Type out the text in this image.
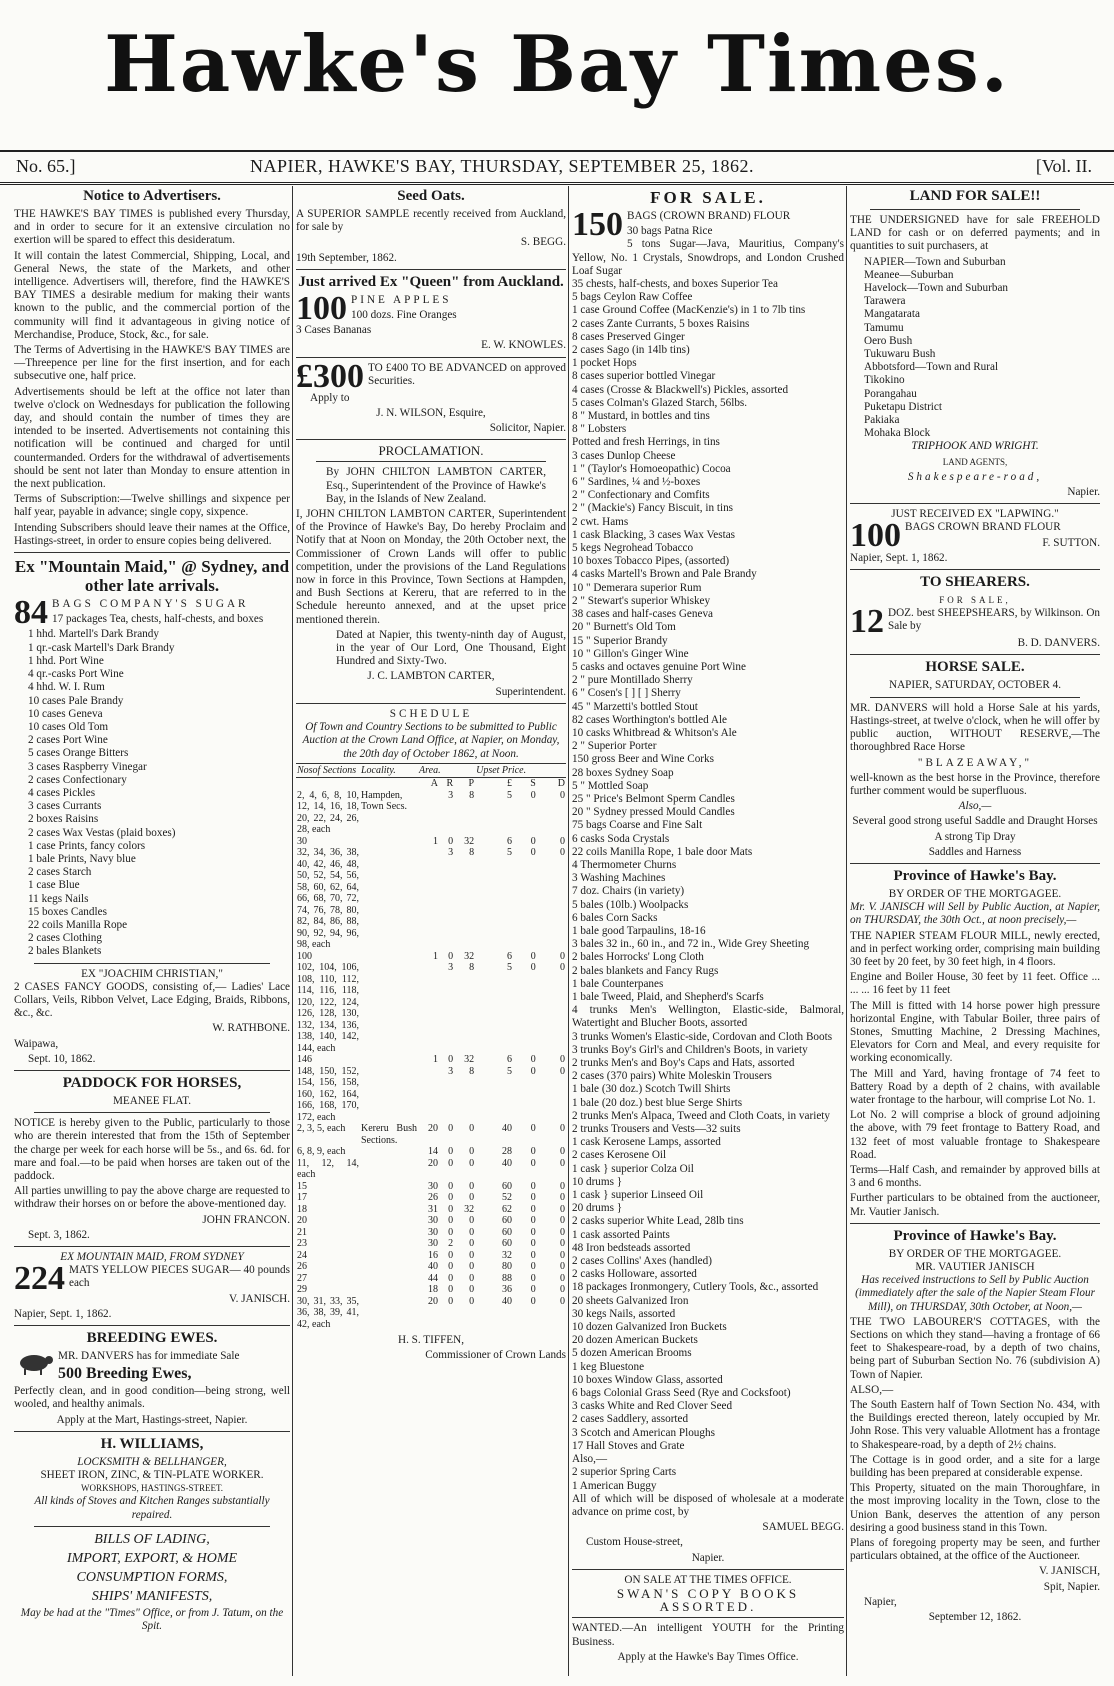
Hawke's Bay Times.
No. 65.]	NAPIER, HAWKE'S BAY, THURSDAY, SEPTEMBER 25, 1862.	[Vol. II.
Notice to Advertisers.

THE HAWKE'S BAY TIMES is published every Thursday, and in order to secure for it an extensive circulation no exertion will be spared to effect this desideratum.

It will contain the latest Commercial, Shipping, Local, and General News, the state of the Markets, and other intelligence. Advertisers will, therefore, find the HAWKE'S BAY TIMES a desirable medium for making their wants known to the public, and the commercial portion of the community will find it advantageous in giving notice of Merchandise, Produce, Stock, &c., for sale.

The Terms of Advertising in the HAWKE'S BAY TIMES are—Threepence per line for the first insertion, and for each subsecutive one, half price.

Advertisements should be left at the office not later than twelve o'clock on Wednesdays for publication the following day, and should contain the number of times they are intended to be inserted. Advertisements not containing this notification will be continued and charged for until countermanded. Orders for the withdrawal of advertisements should be sent not later than Monday to ensure attention in the next publication.

Terms of Subscription:—Twelve shillings and sixpence per half year, payable in advance; single copy, sixpence.

Intending Subscribers should leave their names at the Office, Hastings-street, in order to ensure copies being delivered.

Ex "Mountain Maid," @ Sydney, and other late arrivals.
84 BAGS COMPANY'S SUGAR

17 packages Tea, chests, half-chests, and boxes

1 hhd. Martell's Dark Brandy

1 qr.-cask Martell's Dark Brandy

1 hhd. Port Wine

4 qr.-casks Port Wine

4 hhd. W. I. Rum

10 cases Pale Brandy

10 cases Geneva

10 cases Old Tom

2 cases Port Wine

5 cases Orange Bitters

3 cases Raspberry Vinegar

2 cases Confectionary

4 cases Pickles

3 cases Currants

2 boxes Raisins

2 cases Wax Vestas (plaid boxes)

1 case Prints, fancy colors

1 bale Prints, Navy blue

2 cases Starch

1 case Blue

11 kegs Nails

15 boxes Candles

22 coils Manilla Rope

2 cases Clothing

2 bales Blankets

EX "JOACHIM CHRISTIAN,"

2 CASES FANCY GOODS, consisting of,— Ladies' Lace Collars, Veils, Ribbon Velvet, Lace Edging, Braids, Ribbons, &c., &c.

W. RATHBONE.

Waipawa,

Sept. 10, 1862.

PADDOCK FOR HORSES,
MEANEE FLAT.

NOTICE is hereby given to the Public, particularly to those who are therein interested that from the 15th of September the charge per week for each horse will be 5s., and 6s. 6d. for mare and foal.—to be paid when horses are taken out of the paddock.

All parties unwilling to pay the above charge are requested to withdraw their horses on or before the above-mentioned day.

JOHN FRANCON.

Sept. 3, 1862.

EX MOUNTAIN MAID, FROM SYDNEY
224 MATS YELLOW PIECES SUGAR— 40 pounds each

V. JANISCH.

Napier, Sept. 1, 1862.

BREEDING EWES.

MR. DANVERS has for immediate Sale

500 Breeding Ewes,

Perfectly clean, and in good condition—being strong, well wooled, and healthy animals.

Apply at the Mart, Hastings-street, Napier.

H. WILLIAMS,
LOCKSMITH & BELLHANGER,
SHEET IRON, ZINC, & TIN-PLATE WORKER.
WORKSHOPS, HASTINGS-STREET.

All kinds of Stoves and Kitchen Ranges substantially repaired.

BILLS OF LADING,

IMPORT, EXPORT, & HOME

CONSUMPTION FORMS,

SHIPS' MANIFESTS,

May be had at the "Times" Office, or from J. Tatum, on the Spit.

Seed Oats.

A SUPERIOR SAMPLE recently received from Auckland, for sale by

S. BEGG.

19th September, 1862.

Just arrived Ex "Queen" from Auckland.
100 PINE APPLES

100 dozs. Fine Oranges

3 Cases Bananas

E. W. KNOWLES.

£300 TO £400 TO BE ADVANCED on approved Securities.

Apply to

J. N. WILSON, Esquire,

Solicitor, Napier.

PROCLAMATION.

By JOHN CHILTON LAMBTON CARTER, Esq., Superintendent of the Province of Hawke's Bay, in the Islands of New Zealand.

I, JOHN CHILTON LAMBTON CARTER, Superintendent of the Province of Hawke's Bay, Do hereby Proclaim and Notify that at Noon on Monday, the 20th October next, the Commissioner of Crown Lands will offer to public competition, under the provisions of the Land Regulations now in force in this Province, Town Sections at Hampden, and Bush Sections at Kereru, that are referred to in the Schedule hereunto annexed, and at the upset price mentioned therein.

Dated at Napier, this twenty-ninth day of August, in the year of Our Lord, One Thousand, Eight Hundred and Sixty-Two.

J. C. LAMBTON CARTER,

Superintendent.

SCHEDULE

Of Town and Country Sections to be submitted to Public Auction at the Crown Land Office, at Napier, on Monday, the 20th day of October 1862, at Noon.

Nosof Sections	Locality.	Area.			Upset Price.		
		A	R	P	£	S	D
2, 4, 6, 8, 10, 12, 14, 16, 18, 20, 22, 24, 26, 28, each	Hampden, Town Secs.		3	8	5	0	0
30		1	0	32	6	0	0
32, 34, 36, 38, 40, 42, 46, 48, 50, 52, 54, 56, 58, 60, 62, 64, 66, 68, 70, 72, 74, 76, 78, 80, 82, 84, 86, 88, 90, 92, 94, 96, 98, each			3	8	5	0	0
100		1	0	32	6	0	0
102, 104, 106, 108, 110, 112, 114, 116, 118, 120, 122, 124, 126, 128, 130, 132, 134, 136, 138, 140, 142, 144, each			3	8	5	0	0
146		1	0	32	6	0	0
148, 150, 152, 154, 156, 158, 160, 162, 164, 166, 168, 170, 172, each			3	8	5	0	0
2, 3, 5, each	Kereru Bush Sections.	20	0	0	40	0	0
6, 8, 9, each		14	0	0	28	0	0
11, 12, 14, each		20	0	0	40	0	0
15		30	0	0	60	0	0
17		26	0	0	52	0	0
18		31	0	32	62	0	0
20		30	0	0	60	0	0
21		30	0	0	60	0	0
23		30	2	0	60	0	0
24		16	0	0	32	0	0
26		40	0	0	80	0	0
27		44	0	0	88	0	0
29		18	0	0	36	0	0
30, 31, 33, 35, 36, 38, 39, 41, 42, each		20	0	0	40	0	0

H. S. TIFFEN,

Commissioner of Crown Lands

FOR SALE.
150 BAGS (CROWN BRAND) FLOUR

30 bags Patna Rice

5 tons Sugar—Java, Mauritius, Company's Yellow, No. 1 Crystals, Snowdrops, and London Crushed Loaf Sugar

35 chests, half-chests, and boxes Superior Tea

5 bags Ceylon Raw Coffee

1 case Ground Coffee (MacKenzie's) in 1 to 7lb tins

2 cases Zante Currants, 5 boxes Raisins

8 cases Preserved Ginger

2 cases Sago (in 14lb tins)

1 pocket Hops

8 cases superior bottled Vinegar

4 cases (Crosse & Blackwell's) Pickles, assorted

5 cases Colman's Glazed Starch, 56lbs.

8 " Mustard, in bottles and tins

8 " Lobsters

Potted and fresh Herrings, in tins

3 cases Dunlop Cheese

1 " (Taylor's Homoeopathic) Cocoa

6 " Sardines, ¼ and ½-boxes

2 " Confectionary and Comfits

2 " (Mackie's) Fancy Biscuit, in tins

2 cwt. Hams

1 cask Blacking, 3 cases Wax Vestas

5 kegs Negrohead Tobacco

10 boxes Tobacco Pipes, (assorted)

4 casks Martell's Brown and Pale Brandy

10 " Demerara superior Rum

2 " Stewart's superior Whiskey

38 cases and half-cases Geneva

20 " Burnett's Old Tom

15 " Superior Brandy

10 " Gillon's Ginger Wine

5 casks and octaves genuine Port Wine

2 " pure Montillado Sherry

6 " Cosen's [ ] [ ] Sherry

45 " Marzetti's bottled Stout

82 cases Worthington's bottled Ale

10 casks Whitbread & Whitson's Ale

2 " Superior Porter

150 gross Beer and Wine Corks

28 boxes Sydney Soap

5 " Mottled Soap

25 " Price's Belmont Sperm Candles

20 " Sydney pressed Mould Candles

75 bags Coarse and Fine Salt

6 casks Soda Crystals

22 coils Manilla Rope, 1 bale door Mats

4 Thermometer Churns

3 Washing Machines

7 doz. Chairs (in variety)

5 bales (10lb.) Woolpacks

6 bales Corn Sacks

1 bale good Tarpaulins, 18-16

3 bales 32 in., 60 in., and 72 in., Wide Grey Sheeting

2 bales Horrocks' Long Cloth

2 bales blankets and Fancy Rugs

1 bale Counterpanes

1 bale Tweed, Plaid, and Shepherd's Scarfs

4 trunks Men's Wellington, Elastic-side, Balmoral, Watertight and Blucher Boots, assorted

3 trunks Women's Elastic-side, Cordovan and Cloth Boots

3 trunks Boy's Girl's and Children's Boots, in variety

2 trunks Men's and Boy's Caps and Hats, assorted

2 cases (370 pairs) White Moleskin Trousers

1 bale (30 doz.) Scotch Twill Shirts

1 bale (20 doz.) best blue Serge Shirts

2 trunks Men's Alpaca, Tweed and Cloth Coats, in variety

2 trunks Trousers and Vests—32 suits

1 cask Kerosene Lamps, assorted

2 cases Kerosene Oil

1 cask } superior Colza Oil

10 drums }

1 cask } superior Linseed Oil

20 drums }

2 casks superior White Lead, 28lb tins

1 cask assorted Paints

48 Iron bedsteads assorted

2 cases Collins' Axes (handled)

2 casks Holloware, assorted

18 packages Ironmongery, Cutlery Tools, &c., assorted

20 sheets Galvanized Iron

30 kegs Nails, assorted

10 dozen Galvanized Iron Buckets

20 dozen American Buckets

5 dozen American Brooms

1 keg Bluestone

10 boxes Window Glass, assorted

6 bags Colonial Grass Seed (Rye and Cocksfoot)

3 casks White and Red Clover Seed

2 cases Saddlery, assorted

3 Scotch and American Ploughs

17 Hall Stoves and Grate

Also,—

2 superior Spring Carts

1 American Buggy

All of which will be disposed of wholesale at a moderate advance on prime cost, by

SAMUEL BEGG.

Custom House-street,

Napier.

ON SALE AT THE TIMES OFFICE.

SWAN'S COPY BOOKS ASSORTED.

WANTED.—An intelligent YOUTH for the Printing Business.

Apply at the Hawke's Bay Times Office.

LAND FOR SALE!!

THE UNDERSIGNED have for sale FREEHOLD LAND for cash or on deferred payments; and in quantities to suit purchasers, at

NAPIER—Town and Suburban

Meanee—Suburban

Havelock—Town and Suburban

Tarawera

Mangatarata

Tamumu

Oero Bush

Tukuwaru Bush

Abbotsford—Town and Rural

Tikokino

Porangahau

Puketapu District

Pakiaka

Mohaka Block

TRIPHOOK AND WRIGHT.

LAND AGENTS,

Shakespeare-road,

Napier.

JUST RECEIVED EX "LAPWING."
100 BAGS CROWN BRAND FLOUR

F. SUTTON.

Napier, Sept. 1, 1862.

TO SHEARERS.
FOR SALE,
12 DOZ. best SHEEPSHEARS, by Wilkinson. On Sale by

B. D. DANVERS.

HORSE SALE.
NAPIER, SATURDAY, OCTOBER 4.

MR. DANVERS will hold a Horse Sale at his yards, Hastings-street, at twelve o'clock, when he will offer by public auction, WITHOUT RESERVE,—The thoroughbred Race Horse

"BLAZEAWAY,"

well-known as the best horse in the Province, therefore further comment would be superfluous.

Also,—

Several good strong useful Saddle and Draught Horses

A strong Tip Dray

Saddles and Harness

Province of Hawke's Bay.
BY ORDER OF THE MORTGAGEE.

Mr. V. JANISCH will Sell by Public Auction, at Napier, on THURSDAY, the 30th Oct., at noon precisely,—

THE NAPIER STEAM FLOUR MILL, newly erected, and in perfect working order, comprising main building 30 feet by 20 feet, by 30 feet high, in 4 floors.

Engine and Boiler House, 30 feet by 11 feet. Office ... ... ... 16 feet by 11 feet

The Mill is fitted with 14 horse power high pressure horizontal Engine, with Tabular Boiler, three pairs of Stones, Smutting Machine, 2 Dressing Machines, Elevators for Corn and Meal, and every requisite for working economically.

The Mill and Yard, having frontage of 74 feet to Battery Road by a depth of 2 chains, with available water frontage to the harbour, will comprise Lot No. 1.

Lot No. 2 will comprise a block of ground adjoining the above, with 79 feet frontage to Battery Road, and 132 feet of most valuable frontage to Shakespeare Road.

Terms—Half Cash, and remainder by approved bills at 3 and 6 months.

Further particulars to be obtained from the auctioneer, Mr. Vautier Janisch.

Province of Hawke's Bay.
BY ORDER OF THE MORTGAGEE.
MR. VAUTIER JANISCH

Has received instructions to Sell by Public Auction (immediately after the sale of the Napier Steam Flour Mill), on THURSDAY, 30th October, at Noon,—

THE TWO LABOURER'S COTTAGES, with the Sections on which they stand—having a frontage of 66 feet to Shakespeare-road, by a depth of two chains, being part of Suburban Section No. 76 (subdivision A) Town of Napier.

ALSO,—

The South Eastern half of Town Section No. 434, with the Buildings erected thereon, lately occupied by Mr. John Rose. This very valuable Allotment has a frontage to Shakespeare-road, by a depth of 2½ chains.

The Cottage is in good order, and a site for a large building has been prepared at considerable expense.

This Property, situated on the main Thoroughfare, in the most improving locality in the Town, close to the Union Bank, deserves the attention of any person desiring a good business stand in this Town.

Plans of foregoing property may be seen, and further particulars obtained, at the office of the Auctioneer.

V. JANISCH,

Spit, Napier.

Napier,

September 12, 1862.
